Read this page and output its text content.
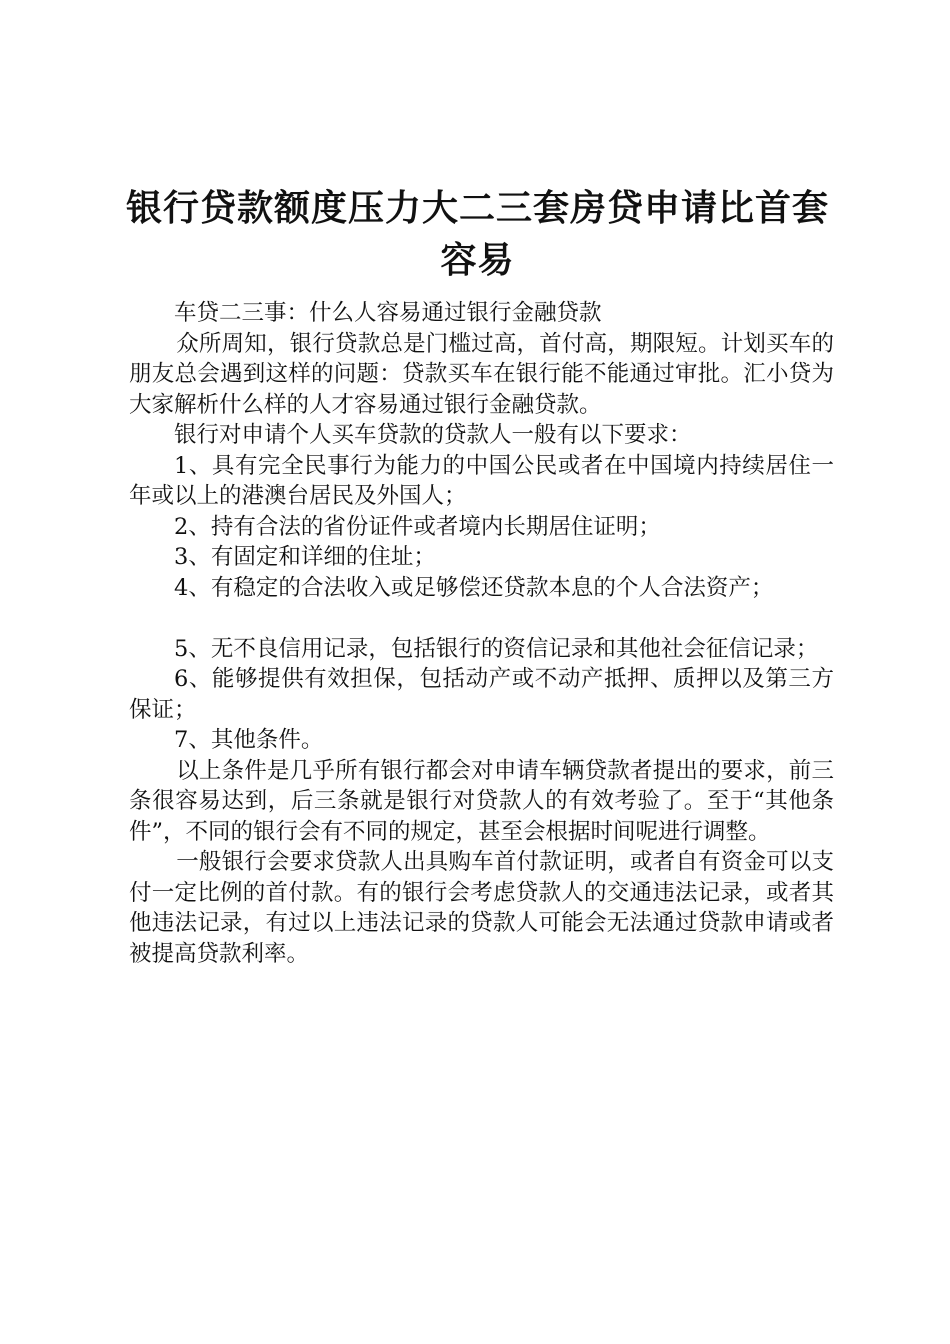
银行贷款额度压力大二三套房贷申请比首套容易

车贷二三事：什么人容易通过银行金融贷款

众所周知，银行贷款总是门槛过高，首付高，期限短。计划买车的朋友总会遇到这样的问题：贷款买车在银行能不能通过审批。汇小贷为大家解析什么样的人才容易通过银行金融贷款。

银行对申请个人买车贷款的贷款人一般有以下要求：

1、具有完全民事行为能力的中国公民或者在中国境内持续居住一年或以上的港澳台居民及外国人；

2、持有合法的省份证件或者境内长期居住证明；

3、有固定和详细的住址；

4、有稳定的合法收入或足够偿还贷款本息的个人合法资产；

5、无不良信用记录，包括银行的资信记录和其他社会征信记录；

6、能够提供有效担保，包括动产或不动产抵押、质押以及第三方保证；

7、其他条件。

以上条件是几乎所有银行都会对申请车辆贷款者提出的要求，前三条很容易达到，后三条就是银行对贷款人的有效考验了。至于“其他条件”，不同的银行会有不同的规定，甚至会根据时间呢进行调整。

一般银行会要求贷款人出具购车首付款证明，或者自有资金可以支付一定比例的首付款。有的银行会考虑贷款人的交通违法记录，或者其他违法记录，有过以上违法记录的贷款人可能会无法通过贷款申请或者被提高贷款利率。
